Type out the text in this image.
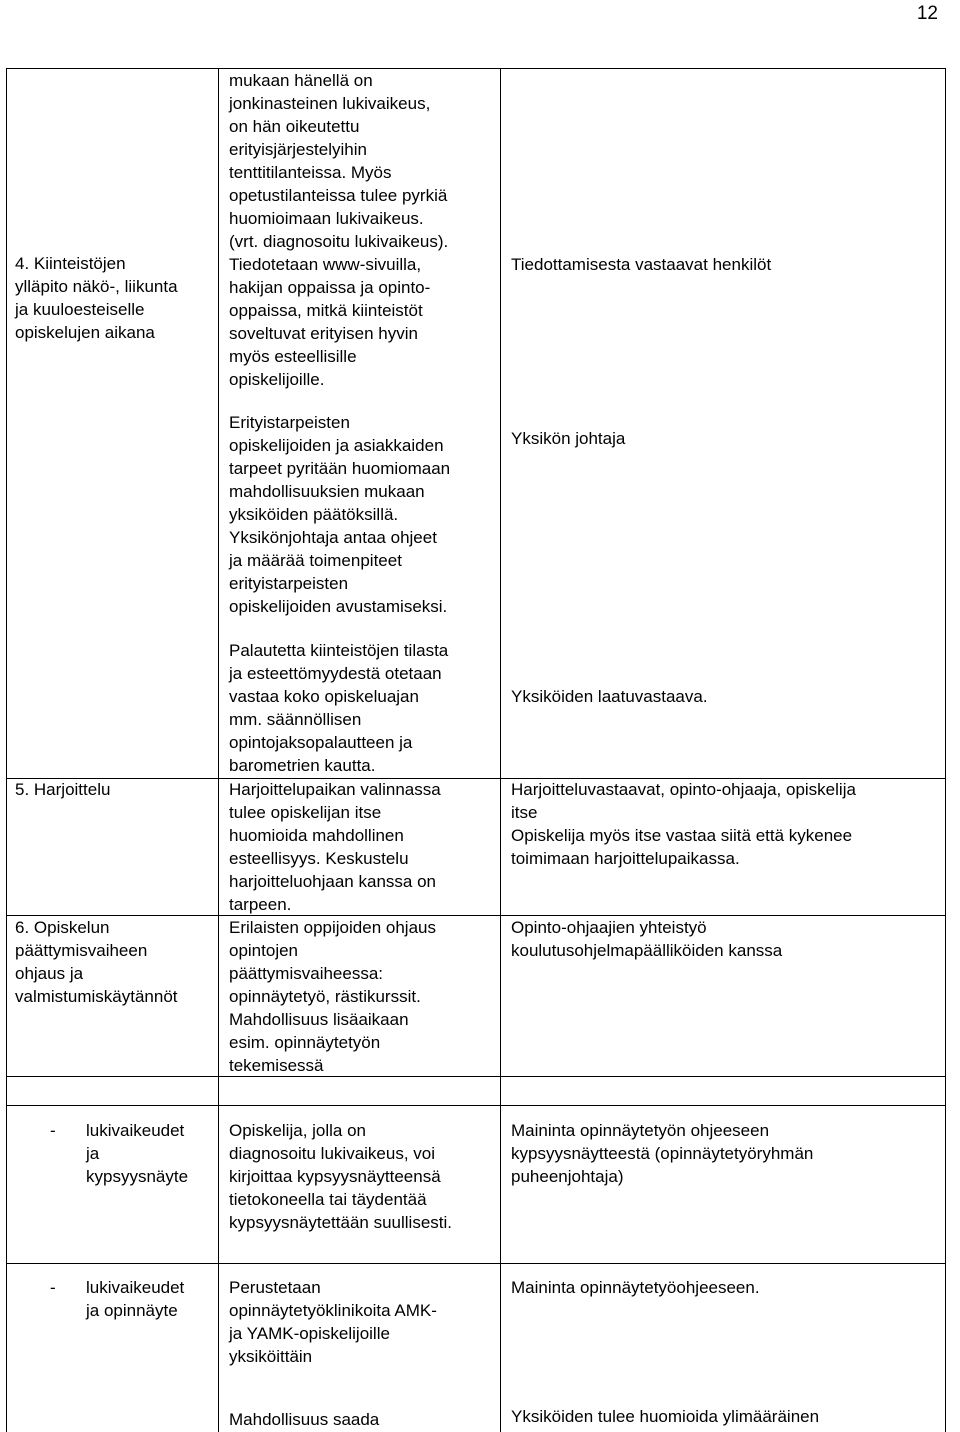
12
mukaan hänellä on
jonkinasteinen lukivaikeus,
on hän oikeutettu
erityisjärjestelyihin
tenttitilanteissa. Myös
opetustilanteissa tulee pyrkiä
huomioimaan lukivaikeus.
(vrt. diagnosoitu lukivaikeus).
4. Kiinteistöjen
ylläpito näkö-, liikunta
ja kuuloesteiselle
opiskelujen aikana
Tiedotetaan www-sivuilla,
hakijan oppaissa ja opinto-
oppaissa, mitkä kiinteistöt
soveltuvat erityisen hyvin
myös esteellisille
opiskelijoille.
Tiedottamisesta vastaavat henkilöt
Erityistarpeisten
opiskelijoiden ja asiakkaiden
tarpeet pyritään huomiomaan
mahdollisuuksien mukaan
yksiköiden päätöksillä.
Yksikönjohtaja antaa ohjeet
ja määrää toimenpiteet
erityistarpeisten
opiskelijoiden avustamiseksi.
Yksikön johtaja
Palautetta kiinteistöjen tilasta
ja esteettömyydestä otetaan
vastaa koko opiskeluajan
mm. säännöllisen
opintojaksopalautteen ja
barometrien kautta.
Yksiköiden laatuvastaava.
5. Harjoittelu	Harjoittelupaikan valinnassa
tulee opiskelijan itse
huomioida mahdollinen
esteellisyys. Keskustelu
harjoitteluohjaan kanssa on
tarpeen.
Harjoitteluvastaavat, opinto-ohjaaja, opiskelija
itse
Opiskelija myös itse vastaa siitä että kykenee
toimimaan harjoittelupaikassa.
6. Opiskelun
päättymisvaiheen
ohjaus ja
valmistumiskäytännöt
Erilaisten oppijoiden ohjaus
opintojen
päättymisvaiheessa:
opinnäytetyö, rästikurssit.
Mahdollisuus lisäaikaan
esim. opinnäytetyön
tekemisessä
Opinto-ohjaajien yhteistyö
koulutusohjelmapäälliköiden kanssa
- lukivaikeudet
ja
kypsyysnäyte
Opiskelija, jolla on
diagnosoitu lukivaikeus, voi
kirjoittaa kypsyysnäytteensä
tietokoneella tai täydentää
kypsyysnäytettään suullisesti.
Maininta opinnäytetyön ohjeeseen
kypsyysnäytteestä (opinnäytetyöryhmän
puheenjohtaja)
- lukivaikeudet
ja opinnäyte
Perustetaan
opinnäytetyöklinikoita AMK-
ja YAMK-opiskelijoille
yksiköittäin
Maininta opinnäytetyöohjeeseen.
Mahdollisuus saada	Yksiköiden tulee huomioida ylimääräinen
